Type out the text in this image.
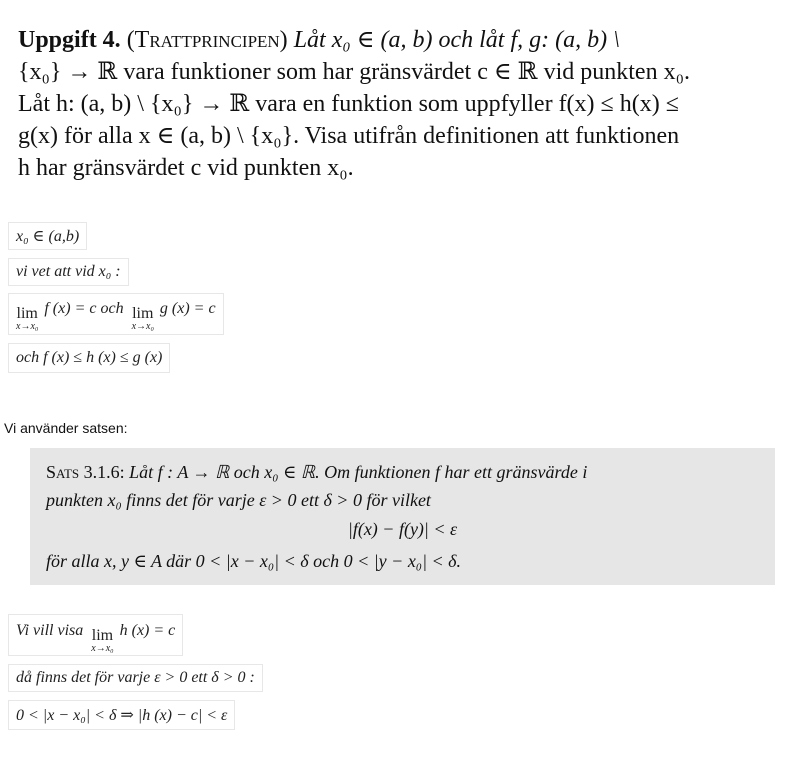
Uppgift 4. (Trattprincipen) Låt x₀ ∈ (a, b) och låt f, g: (a, b) \
{x₀} → ℝ vara funktioner som har gränsvärdet c ∈ ℝ vid punkten x₀.
Låt h: (a, b) \ {x₀} → ℝ vara en funktion som uppfyller f(x) ≤ h(x) ≤
g(x) för alla x ∈ (a, b) \ {x₀}. Visa utifrån definitionen att funktionen
h har gränsvärdet c vid punkten x₀.
x₀ ∈ (a,b)
vi vet att vid x₀ :
lim
x→x₀
f (x) = c och lim
x→x₀
g (x) = c
och f (x) ≤ h (x) ≤ g (x)
Vi använder satsen:
Sats 3.1.6: Låt f : A → ℝ och x₀ ∈ ℝ. Om funktionen f har ett gränsvärde i
punkten x₀ finns det för varje ε > 0 ett δ > 0 för vilket
|f(x) − f(y)| < ε
för alla x, y ∈ A där 0 < |x − x₀| < δ och 0 < |y − x₀| < δ.
Vi vill visa lim
x→x₀
h (x) = c
då finns det för varje ε > 0 ett δ > 0 :
0 < |x − x₀| < δ ⇒ |h (x) − c| < ε
